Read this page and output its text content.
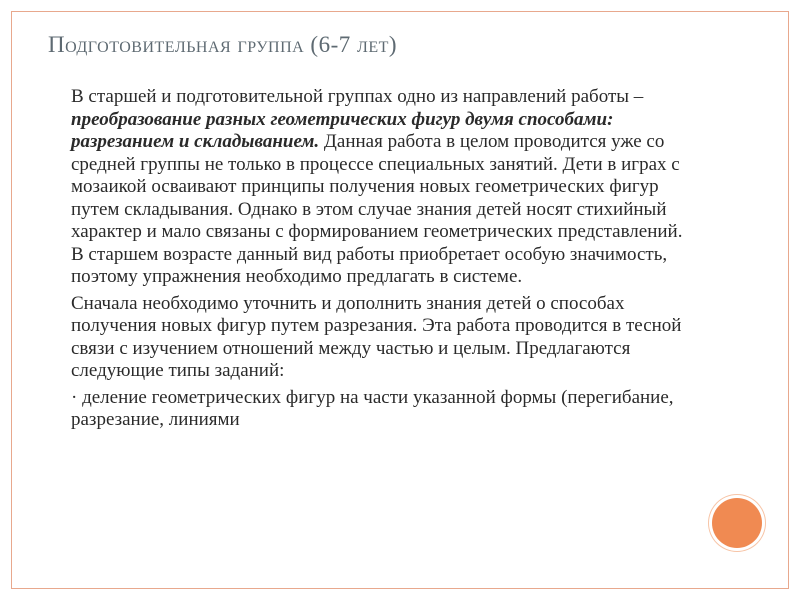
Подготовительная группа (6-7 лет)
В старшей и подготовительной группах одно из направлений работы – преобразование разных геометрических фигур двумя способами: разрезанием и складыванием. Данная работа в целом проводится уже со средней группы не только в процессе специальных занятий. Дети в играх с мозаикой осваивают принципы получения новых геометрических фигур путем складывания. Однако в этом случае знания детей носят стихийный характер и мало связаны с формированием геометрических представлений. В старшем возрасте данный вид работы приобретает особую значимость, поэтому упражнения необходимо предлагать в системе.
Сначала необходимо уточнить и дополнить знания детей о способах получения новых фигур путем разрезания. Эта работа проводится в тесной связи с изучением отношений между частью и целым. Предлагаются следующие типы заданий:
· деление геометрических фигур на части указанной формы (перегибание, разрезание, линиями
